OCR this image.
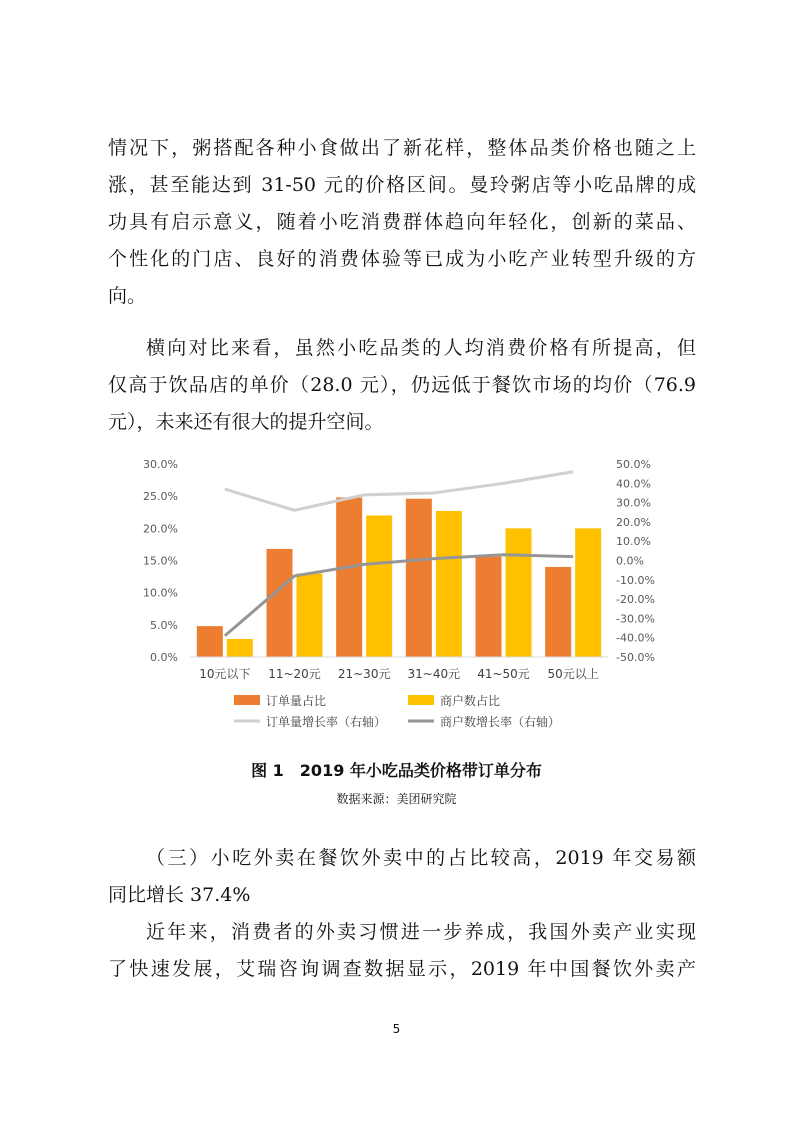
情况下，粥搭配各种小食做出了新花样，整体品类价格也随之上
涨，甚至能达到 31-50 元的价格区间。曼玲粥店等小吃品牌的成
功具有启示意义，随着小吃消费群体趋向年轻化，创新的菜品、
个性化的门店、良好的消费体验等已成为小吃产业转型升级的方
向。
横向对比来看，虽然小吃品类的人均消费价格有所提高，但
仅高于饮品店的单价（28.0 元），仍远低于餐饮市场的均价（76.9
元），未来还有很大的提升空间。
0.0%
5.0%
10.0%
15.0%
20.0%
25.0%
30.0%
-50.0%
-40.0%
-30.0%
-20.0%
-10.0%
0.0%
10.0%
20.0%
30.0%
40.0%
50.0%
10元以下 11~20元 21~30元 31~40元 41~50元 50元以上
订单量占比	商户数占比
订单量增长率（右轴）	商户数增长率（右轴）
图 1　2019 年小吃品类价格带订单分布
数据来源：美团研究院
（三）小吃外卖在餐饮外卖中的占比较高，2019 年交易额
同比增长 37.4%
近年来，消费者的外卖习惯进一步养成，我国外卖产业实现
了快速发展，艾瑞咨询调查数据显示，2019 年中国餐饮外卖产
5
